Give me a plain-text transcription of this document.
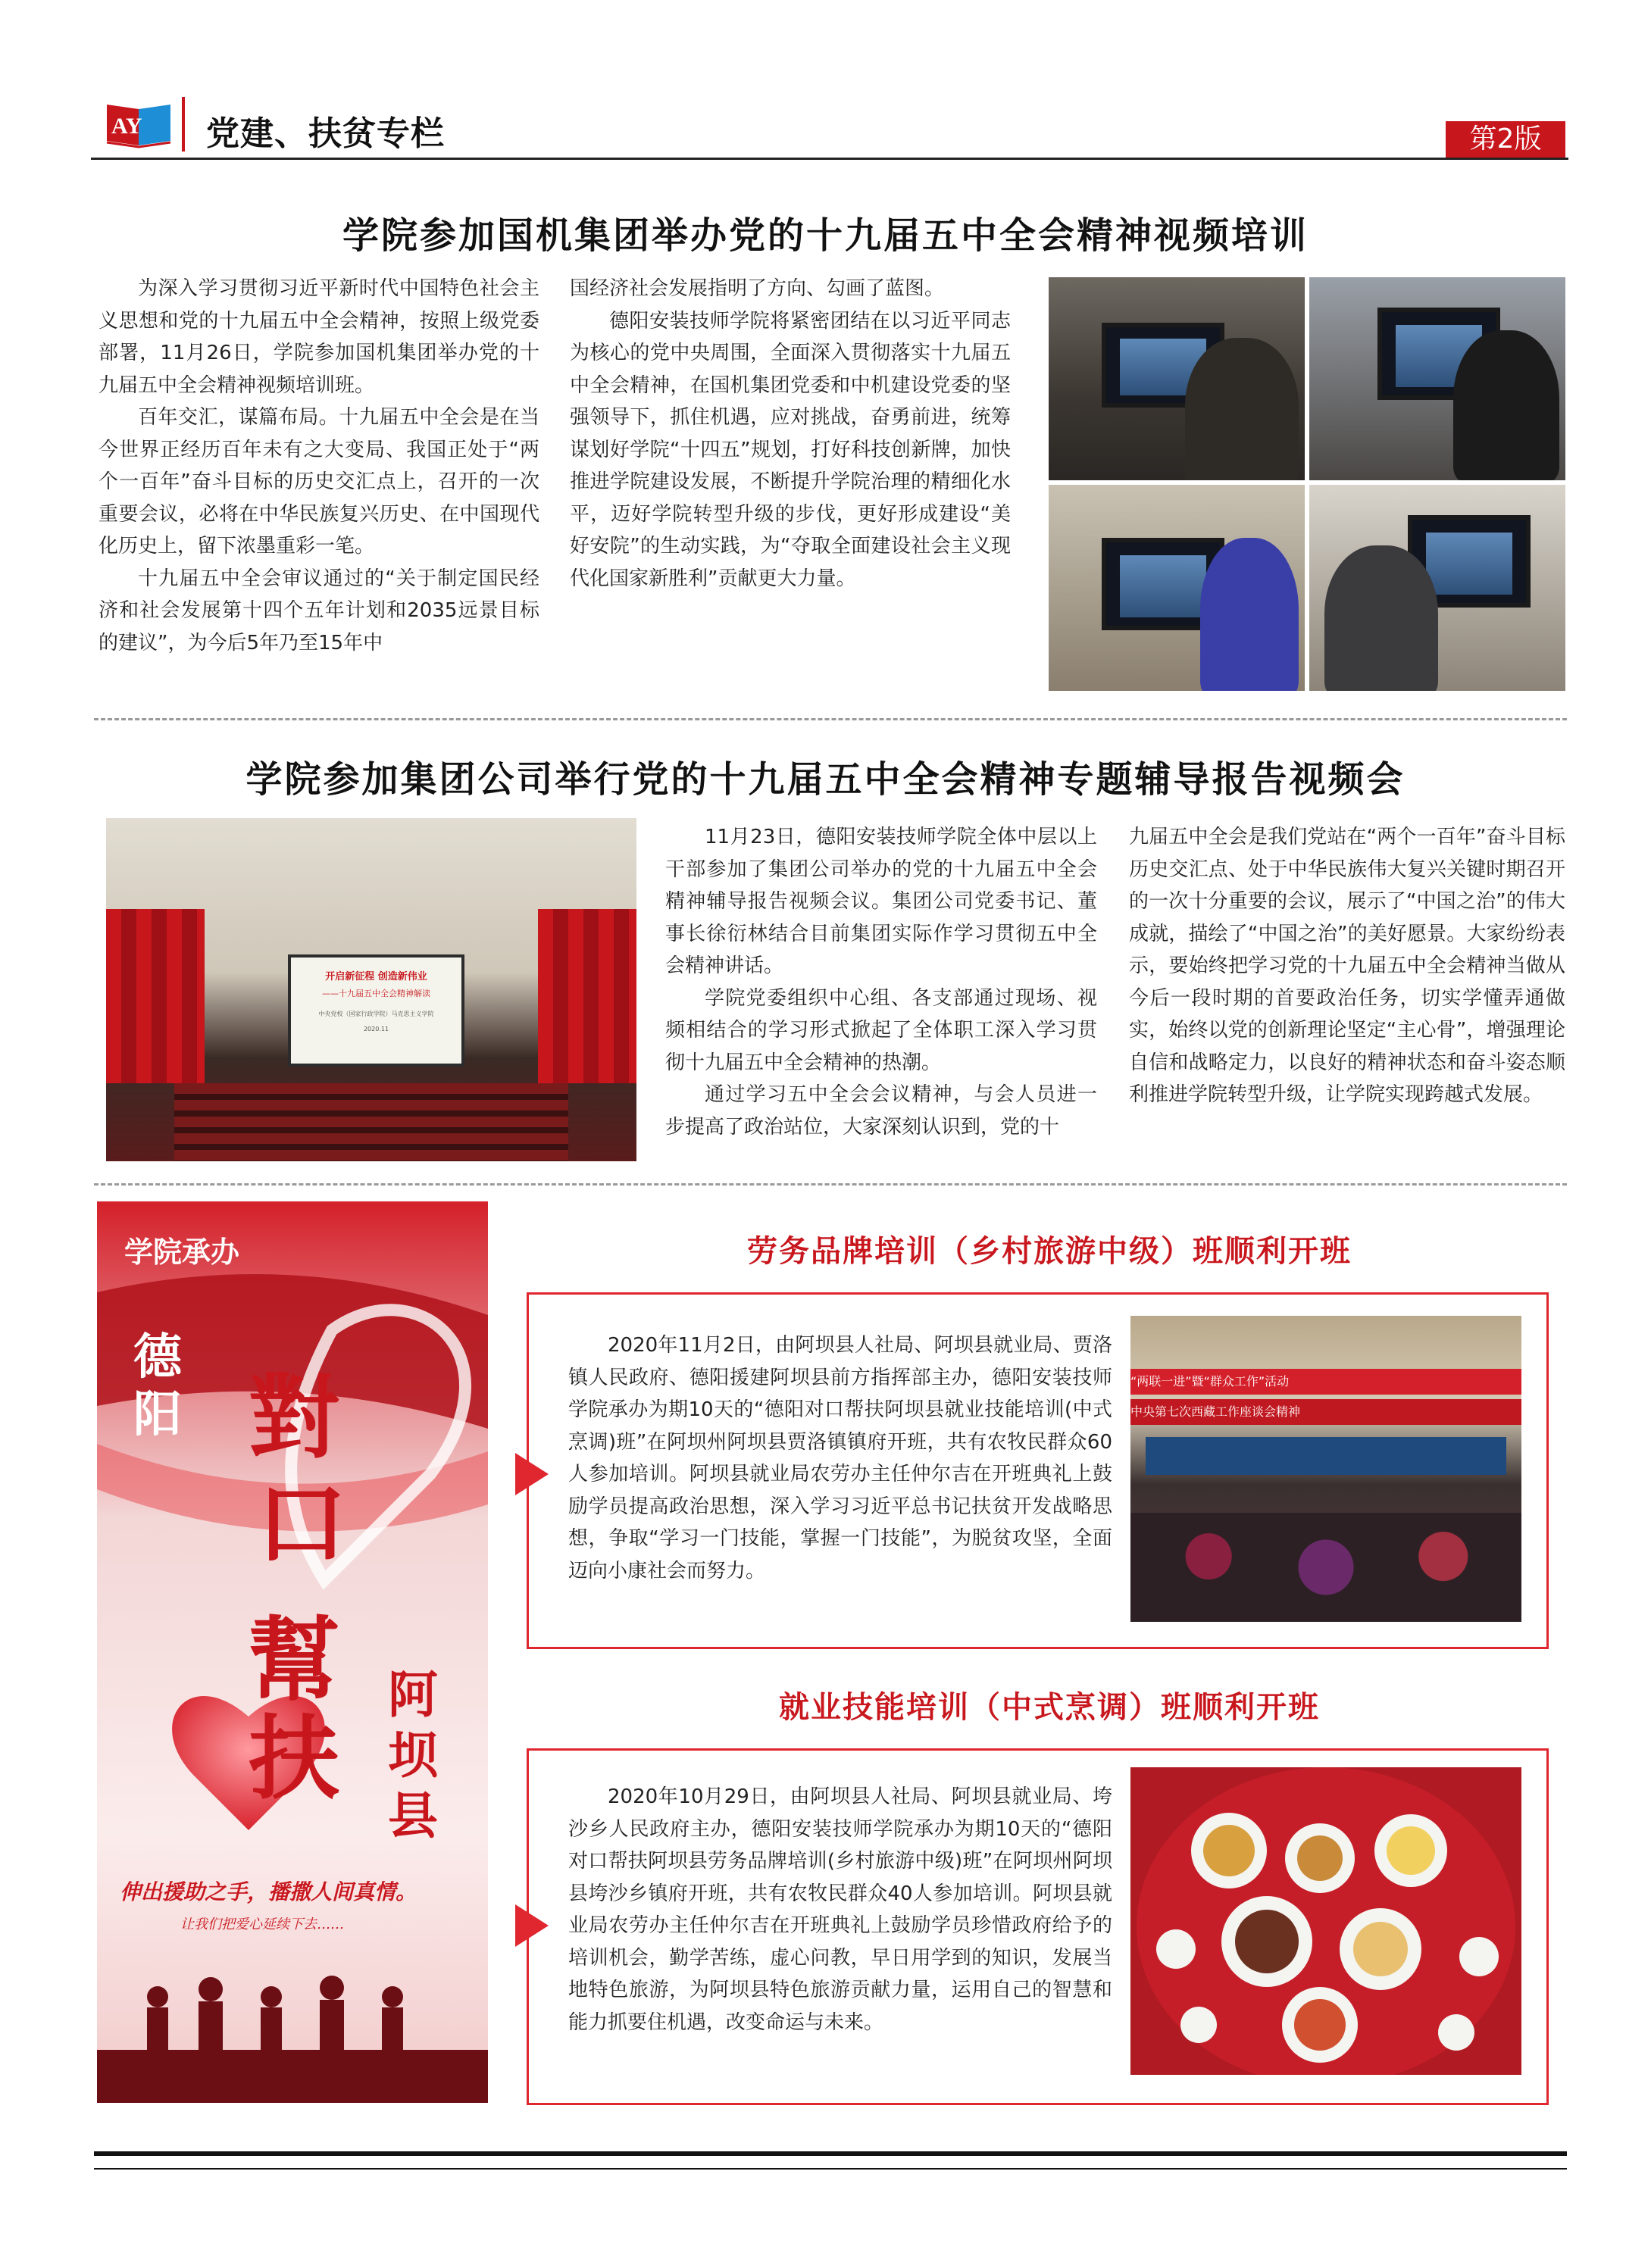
AY 党建、扶贫专栏	第2版
学院参加国机集团举办党的十九届五中全会精神视频培训

为深入学习贯彻习近平新时代中国特色社会主义思想和党的十九届五中全会精神，按照上级党委部署，11月26日，学院参加国机集团举办党的十九届五中全会精神视频培训班。

百年交汇，谋篇布局。十九届五中全会是在当今世界正经历百年未有之大变局、我国正处于“两个一百年”奋斗目标的历史交汇点上，召开的一次重要会议，必将在中华民族复兴历史、在中国现代化历史上，留下浓墨重彩一笔。

十九届五中全会审议通过的“关于制定国民经济和社会发展第十四个五年计划和2035远景目标的建议”，为今后5年乃至15年中

国经济社会发展指明了方向、勾画了蓝图。

德阳安装技师学院将紧密团结在以习近平同志为核心的党中央周围，全面深入贯彻落实十九届五中全会精神，在国机集团党委和中机建设党委的坚强领导下，抓住机遇，应对挑战，奋勇前进，统筹谋划好学院“十四五”规划，打好科技创新牌，加快推进学院建设发展，不断提升学院治理的精细化水平，迈好学院转型升级的步伐，更好形成建设“美好安院”的生动实践，为“夺取全面建设社会主义现代化国家新胜利”贡献更大力量。

学院参加集团公司举行党的十九届五中全会精神专题辅导报告视频会
开启新征程 创造新伟业
——十九届五中全会精神解读
中央党校（国家行政学院）马克思主义学院
2020.11

11月23日，德阳安装技师学院全体中层以上干部参加了集团公司举办的党的十九届五中全会精神辅导报告视频会议。集团公司党委书记、董事长徐衍林结合目前集团实际作学习贯彻五中全会精神讲话。

学院党委组织中心组、各支部通过现场、视频相结合的学习形式掀起了全体职工深入学习贯彻十九届五中全会精神的热潮。

通过学习五中全会会议精神，与会人员进一步提高了政治站位，大家深刻认识到，党的十

九届五中全会是我们党站在“两个一百年”奋斗目标历史交汇点、处于中华民族伟大复兴关键时期召开的一次十分重要的会议，展示了“中国之治”的伟大成就，描绘了“中国之治”的美好愿景。大家纷纷表示，要始终把学习党的十九届五中全会精神当做从今后一段时期的首要政治任务，切实学懂弄通做实，始终以党的创新理论坚定“主心骨”，增强理论自信和战略定力，以良好的精神状态和奋斗姿态顺利推进学院转型升级，让学院实现跨越式发展。

学院承办
德阳 對
口
幫
扶
阿坝县
伸出援助之手，播撒人间真情。
让我们把爱心延续下去……
劳务品牌培训（乡村旅游中级）班顺利开班

2020年11月2日，由阿坝县人社局、阿坝县就业局、贾洛镇人民政府、德阳援建阿坝县前方指挥部主办，德阳安装技师学院承办为期10天的“德阳对口帮扶阿坝县就业技能培训(中式烹调)班”在阿坝州阿坝县贾洛镇镇府开班，共有农牧民群众60人参加培训。阿坝县就业局农劳办主任仲尔吉在开班典礼上鼓励学员提高政治思想，深入学习习近平总书记扶贫开发战略思想，争取“学习一门技能，掌握一门技能”，为脱贫攻坚，全面迈向小康社会而努力。

“两联一进”暨“群众工作”活动
中央第七次西藏工作座谈会精神
就业技能培训（中式烹调）班顺利开班

2020年10月29日，由阿坝县人社局、阿坝县就业局、垮沙乡人民政府主办，德阳安装技师学院承办为期10天的“德阳对口帮扶阿坝县劳务品牌培训(乡村旅游中级)班”在阿坝州阿坝县垮沙乡镇府开班，共有农牧民群众40人参加培训。阿坝县就业局农劳办主任仲尔吉在开班典礼上鼓励学员珍惜政府给予的培训机会，勤学苦练，虚心问教，早日用学到的知识，发展当地特色旅游，为阿坝县特色旅游贡献力量，运用自己的智慧和能力抓要住机遇，改变命运与未来。
